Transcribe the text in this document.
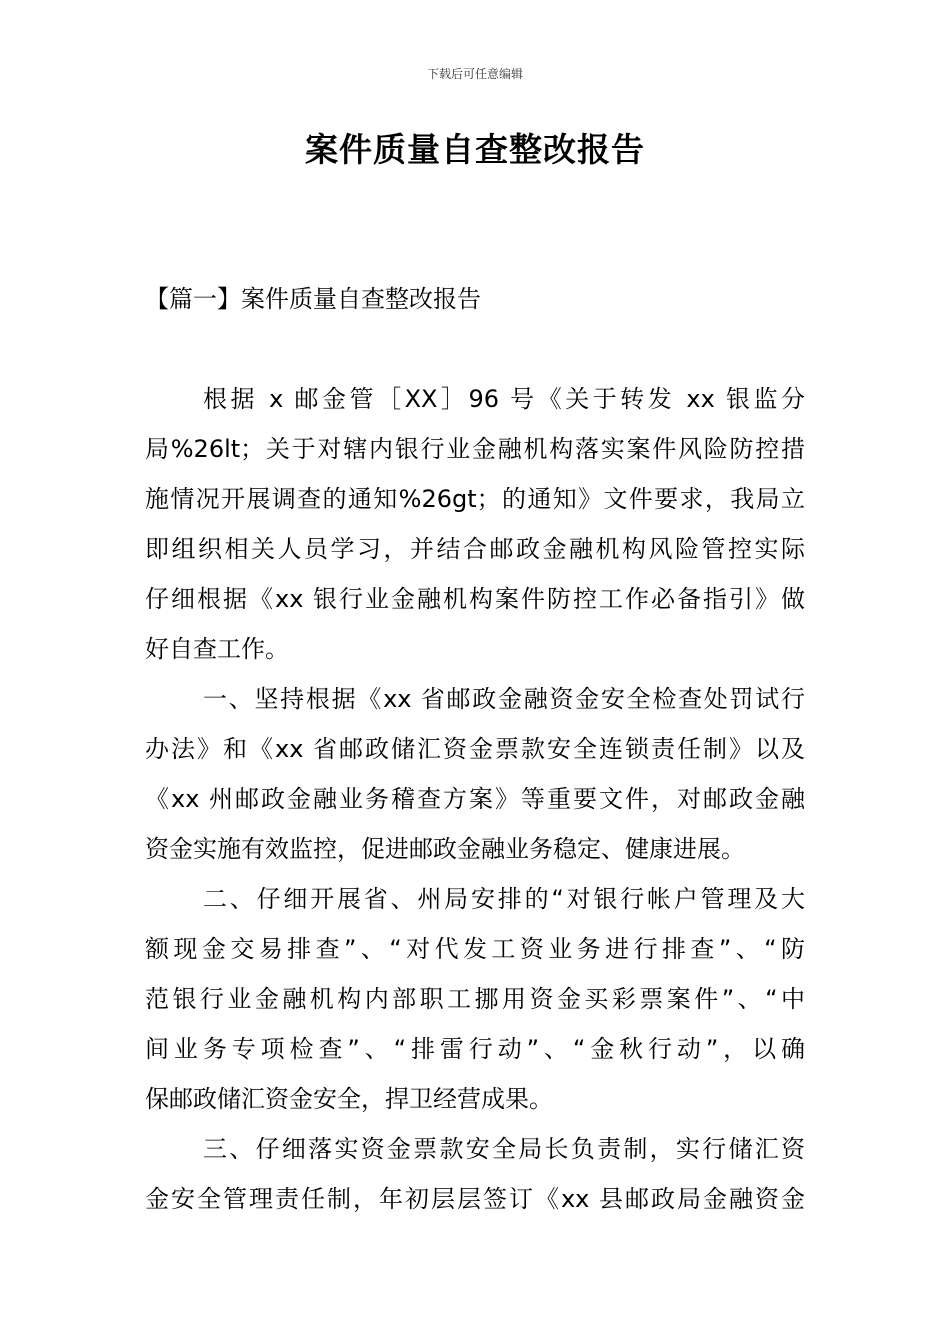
下载后可任意编辑
案件质量自查整改报告
【篇一】案件质量自查整改报告
根据 x 邮金管［XX］96 号《关于转发 xx 银监分
局%26lt；关于对辖内银行业金融机构落实案件风险防控措
施情况开展调查的通知%26gt；的通知》文件要求，我局立
即组织相关人员学习，并结合邮政金融机构风险管控实际
仔细根据《xx 银行业金融机构案件防控工作必备指引》做
好自查工作。
一、坚持根据《xx 省邮政金融资金安全检查处罚试行
办法》和《xx 省邮政储汇资金票款安全连锁责任制》以及
《xx 州邮政金融业务稽查方案》等重要文件，对邮政金融
资金实施有效监控，促进邮政金融业务稳定、健康进展。
二、仔细开展省、州局安排的“对银行帐户管理及大
额现金交易排查”、“对代发工资业务进行排查”、“防
范银行业金融机构内部职工挪用资金买彩票案件”、“中
间业务专项检查”、“排雷行动”、“金秋行动”，以确
保邮政储汇资金安全，捍卫经营成果。
三、仔细落实资金票款安全局长负责制，实行储汇资
金安全管理责任制，年初层层签订《xx 县邮政局金融资金
